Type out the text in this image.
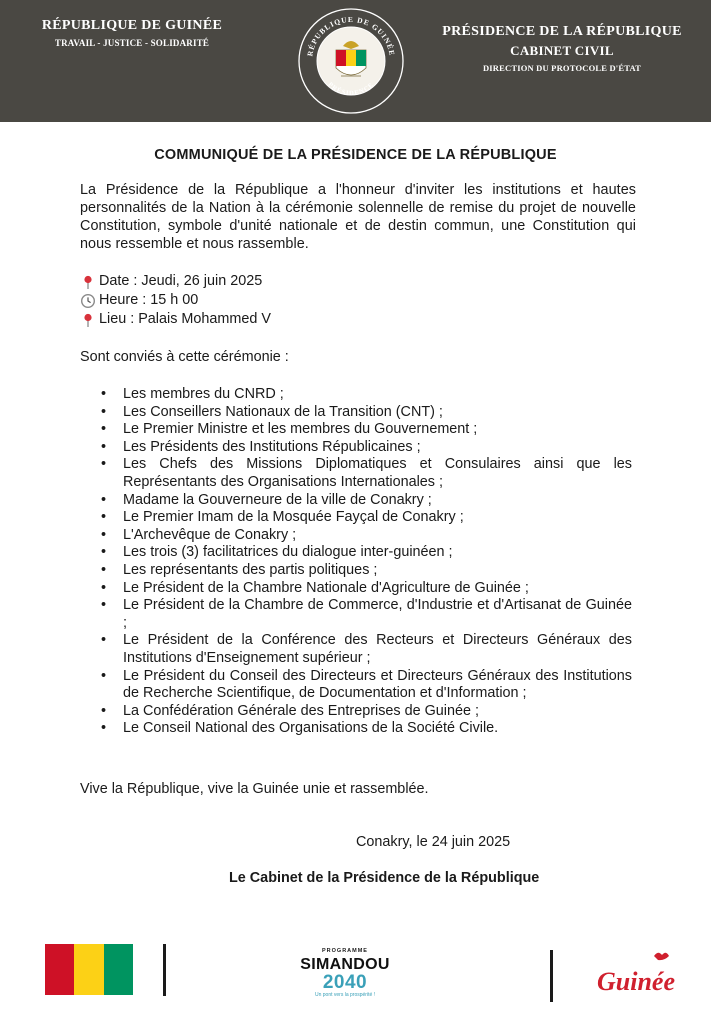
RÉPUBLIQUE DE GUINÉE
TRAVAIL - JUSTICE - SOLIDARITÉ
RÉPUBLIQUE DE GUINÉE
PRÉSIDENCE
PRÉSIDENCE DE LA RÉPUBLIQUE
CABINET CIVIL
DIRECTION DU PROTOCOLE D'ÉTAT
COMMUNIQUÉ DE LA PRÉSIDENCE DE LA RÉPUBLIQUE

La Présidence de la République a l'honneur d'inviter les institutions et hautes personnalités de la Nation à la cérémonie solennelle de remise du projet de nouvelle Constitution, symbole d'unité nationale et de destin commun, une Constitution qui nous ressemble et nous rassemble.

Date : Jeudi, 26 juin 2025
Heure : 15 h 00
Lieu : Palais Mohammed V
Sont conviés à cette cérémonie :
• Les membres du CNRD ;
• Les Conseillers Nationaux de la Transition (CNT) ;
• Le Premier Ministre et les membres du Gouvernement ;
• Les Présidents des Institutions Républicaines ;
• Les Chefs des Missions Diplomatiques et Consulaires ainsi que les Représentants des Organisations Internationales ;
• Madame la Gouverneure de la ville de Conakry ;
• Le Premier Imam de la Mosquée Fayçal de Conakry ;
• L'Archevêque de Conakry ;
• Les trois (3) facilitatrices du dialogue inter-guinéen ;
• Les représentants des partis politiques ;
• Le Président de la Chambre Nationale d'Agriculture de Guinée ;
• Le Président de la Chambre de Commerce, d'Industrie et d'Artisanat de Guinée ;
• Le Président de la Conférence des Recteurs et Directeurs Généraux des Institutions d'Enseignement supérieur ;
• Le Président du Conseil des Directeurs et Directeurs Généraux des Institutions de Recherche Scientifique, de Documentation et d'Information ;
• La Confédération Générale des Entreprises de Guinée ;
• Le Conseil National des Organisations de la Société Civile.
Vive la République, vive la Guinée unie et rassemblée.
Conakry, le 24 juin 2025
Le Cabinet de la Présidence de la République
PROGRAMME
SIMANDOU
2040
Un pont vers la prospérité !	Guinée
